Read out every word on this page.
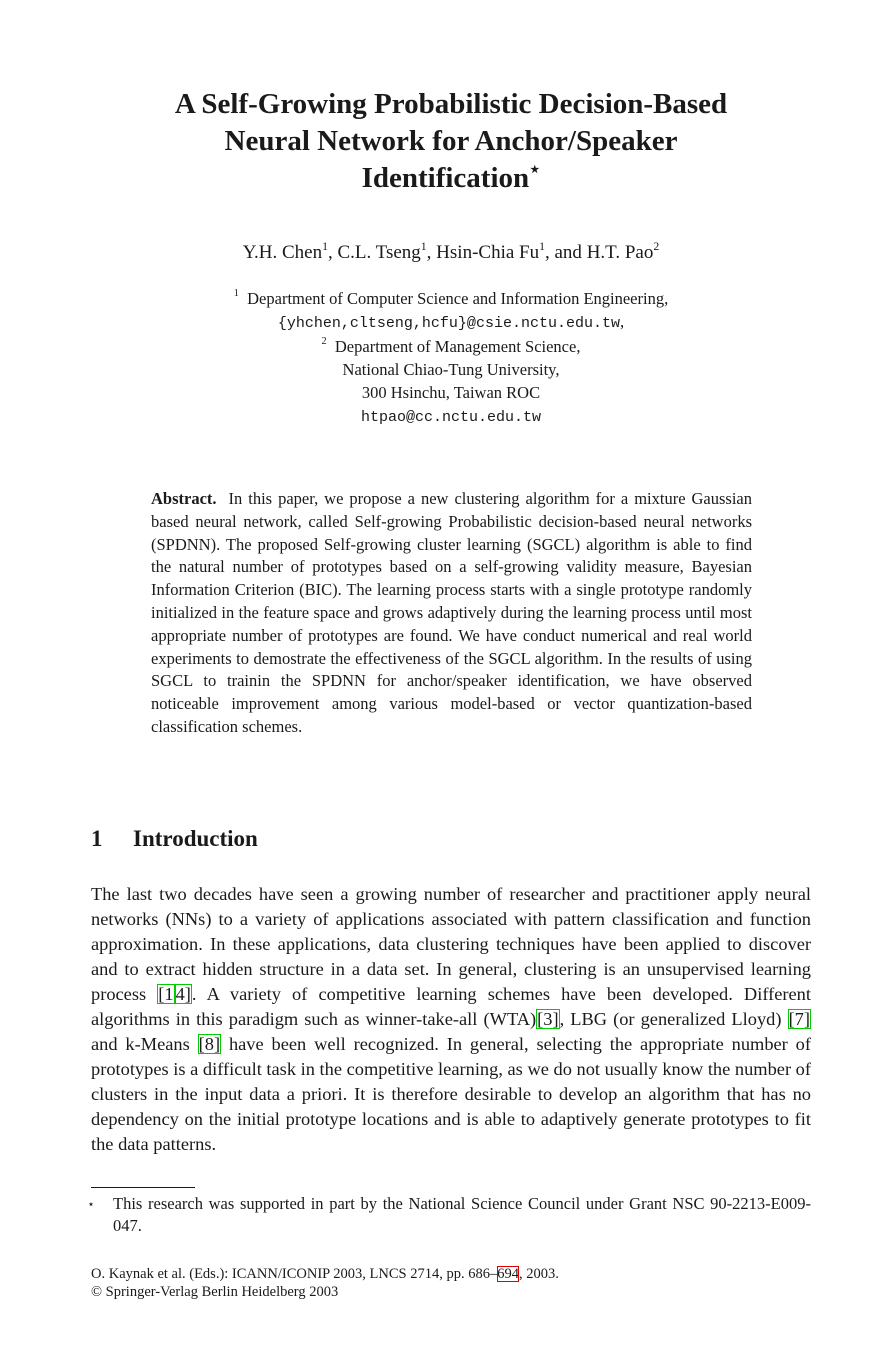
A Self-Growing Probabilistic Decision-Based
Neural Network for Anchor/Speaker
Identification⋆
Y.H. Chen$^1$, C.L. Tseng$^1$, Hsin-Chia Fu$^1$, and H.T. Pao$^2$
$^1$ Department of Computer Science and Information Engineering,
{yhchen,cltseng,hcfu}@csie.nctu.edu.tw,
$^2$ Department of Management Science,
National Chiao-Tung University,
300 Hsinchu, Taiwan ROC
htpao@cc.nctu.edu.tw
Abstract. In this paper, we propose a new clustering algorithm for a mixture Gaussian based neural network, called Self-growing Probabilistic decision-based neural networks (SPDNN). The proposed Self-growing cluster learning (SGCL) algorithm is able to find the natural number of prototypes based on a self-growing validity measure, Bayesian Information Criterion (BIC). The learning process starts with a single prototype randomly initialized in the feature space and grows adaptively during the learning process until most appropriate number of prototypes are found. We have conduct numerical and real world experiments to demostrate the effectiveness of the SGCL algorithm. In the results of using SGCL to trainin the SPDNN for anchor/speaker identification, we have observed noticeable improvement among various model-based or vector quantization-based classification schemes.
1 Introduction
The last two decades have seen a growing number of researcher and practitioner apply neural networks (NNs) to a variety of applications associated with pattern classification and function approximation. In these applications, data clustering techniques have been applied to discover and to extract hidden structure in a data set. In general, clustering is an unsupervised learning process [1 4]. A variety of competitive learning schemes have been developed. Different algorithms in this paradigm such as winner-take-all (WTA)[3], LBG (or generalized Lloyd) [7] and k-Means [8] have been well recognized. In general, selecting the appropriate number of prototypes is a difficult task in the competitive learning, as we do not usually know the number of clusters in the input data a priori. It is therefore desirable to develop an algorithm that has no dependency on the initial prototype locations and is able to adaptively generate prototypes to fit the data patterns.
⋆ This research was supported in part by the National Science Council under Grant NSC 90-2213-E009-047.
O. Kaynak et al. (Eds.): ICANN/ICONIP 2003, LNCS 2714, pp. 686–694, 2003.
© Springer-Verlag Berlin Heidelberg 2003
